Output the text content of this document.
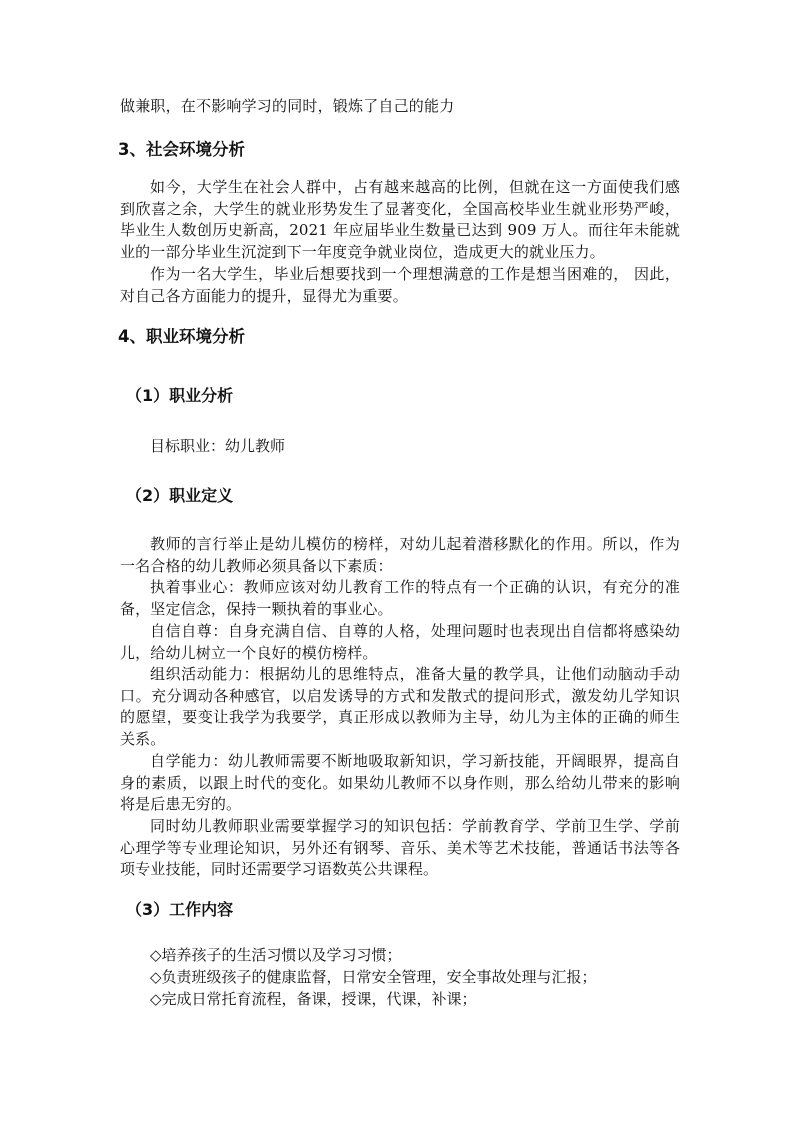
做兼职，在不影响学习的同时，锻炼了自己的能力
3、社会环境分析

如今，大学生在社会人群中，占有越来越高的比例，但就在这一方面使我们感到欣喜之余，大学生的就业形势发生了显著变化，全国高校毕业生就业形势严峻，毕业生人数创历史新高，2021 年应届毕业生数量已达到 909 万人。而往年未能就业的一部分毕业生沉淀到下一年度竞争就业岗位，造成更大的就业压力。

作为一名大学生，毕业后想要找到一个理想满意的工作是想当困难的， 因此，对自己各方面能力的提升，显得尤为重要。

4、职业环境分析
（1）职业分析
目标职业：幼儿教师
（2）职业定义

教师的言行举止是幼儿模仿的榜样，对幼儿起着潜移默化的作用。所以，作为一名合格的幼儿教师必须具备以下素质：

执着事业心：教师应该对幼儿教育工作的特点有一个正确的认识，有充分的准备，坚定信念，保持一颗执着的事业心。

自信自尊：自身充满自信、自尊的人格，处理问题时也表现出自信都将感染幼儿，给幼儿树立一个良好的模仿榜样。

组织活动能力：根据幼儿的思维特点，准备大量的教学具，让他们动脑动手动口。充分调动各种感官，以启发诱导的方式和发散式的提问形式，激发幼儿学知识的愿望，要变让我学为我要学，真正形成以教师为主导，幼儿为主体的正确的师生关系。

自学能力：幼儿教师需要不断地吸取新知识，学习新技能，开阔眼界，提高自身的素质，以跟上时代的变化。如果幼儿教师不以身作则，那么给幼儿带来的影响将是后患无穷的。

同时幼儿教师职业需要掌握学习的知识包括：学前教育学、学前卫生学、学前心理学等专业理论知识，另外还有钢琴、音乐、美术等艺术技能，普通话书法等各项专业技能，同时还需要学习语数英公共课程。

（3）工作内容
◇培养孩子的生活习惯以及学习习惯；
◇负责班级孩子的健康监督，日常安全管理，安全事故处理与汇报；
◇完成日常托育流程，备课，授课，代课，补课；
